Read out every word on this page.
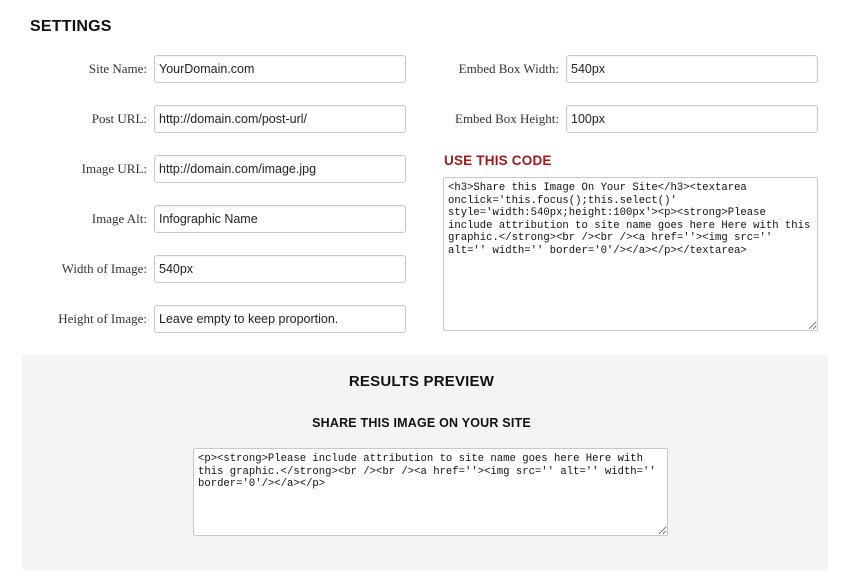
SETTINGS
Site Name:
YourDomain.com
Post URL:
http://domain.com/post-url/
Image URL:
http://domain.com/image.jpg
Image Alt:
Infographic Name
Width of Image:
540px
Height of Image:
Leave empty to keep proportion.
Embed Box Width:
540px
Embed Box Height:
100px
USE THIS CODE
<h3>Share this Image On Your Site</h3><textarea onclick='this.focus();this.select()' style='width:540px;height:100px'><p><strong>Please include attribution to site name goes here Here with this graphic.</strong><br /><br /><a href=''><img src='' alt='' width='' border='0'/></a></p></textarea>
RESULTS PREVIEW
SHARE THIS IMAGE ON YOUR SITE
<p><strong>Please include attribution to site name goes here Here with this graphic.</strong><br /><br /><a href=''><img src='' alt='' width='' border='0'/></a></p>
